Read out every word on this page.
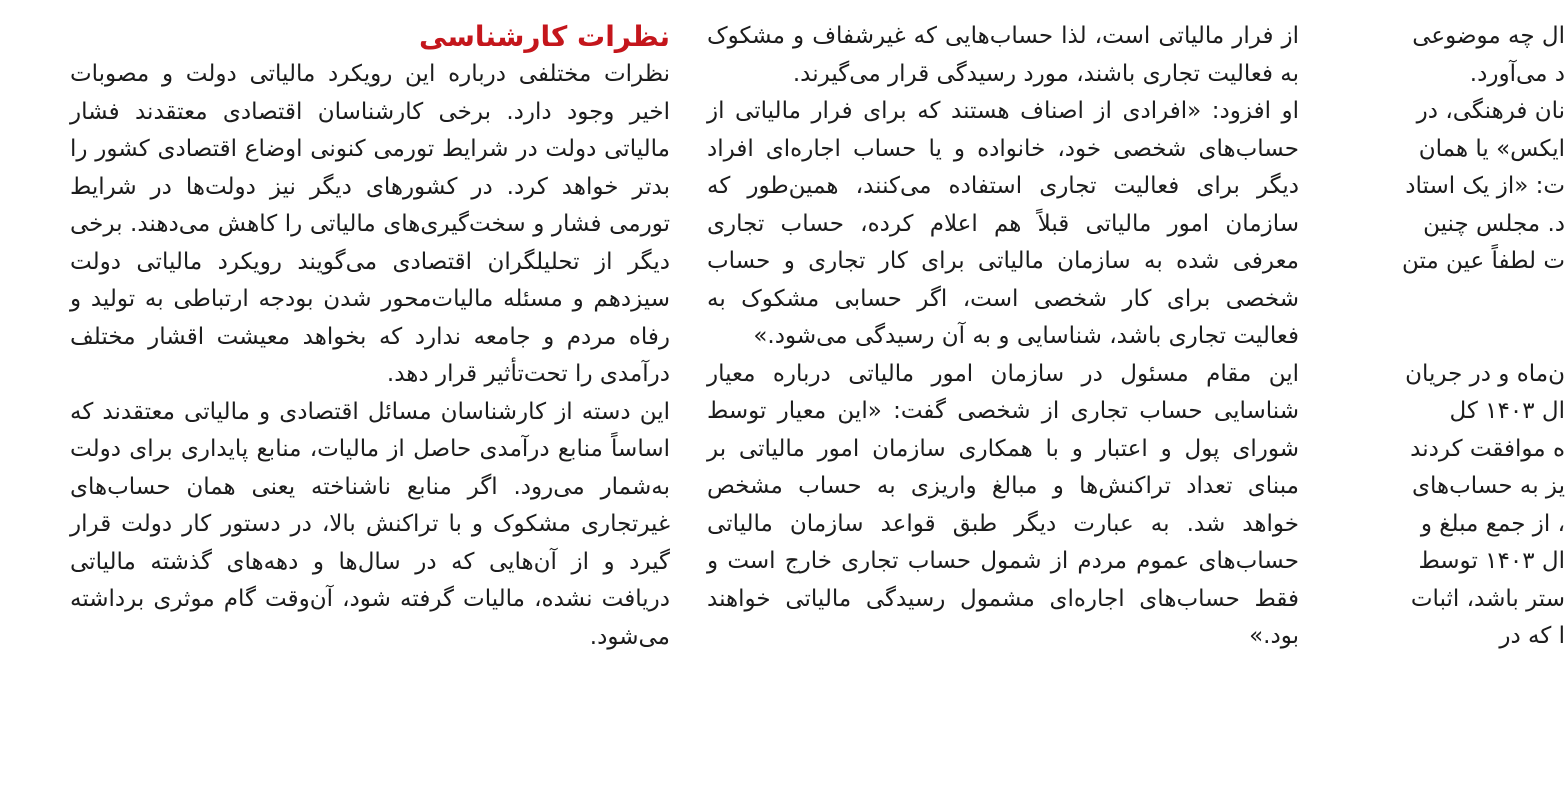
نظرات کارشناسی

نظرات مختلفی درباره این رویکرد مالیاتی دولت و مصوبات اخیر وجود دارد. برخی کارشناسان اقتصادی معتقدند فشار مالیاتی دولت در شرایط تورمی کنونی اوضاع اقتصادی کشور را بدتر خواهد کرد. در کشورهای دیگر نیز دولت‌ها در شرایط تورمی فشار و سخت‌گیری‌های مالیاتی را کاهش می‌دهند. برخی دیگر از تحلیلگران اقتصادی می‌گویند رویکرد مالیاتی دولت سیزدهم و مسئله مالیات‌محور شدن بودجه ارتباطی به تولید و رفاه مردم و جامعه ندارد که بخواهد معیشت اقشار مختلف درآمدی را تحت‌تأثیر قرار دهد.

این دسته از کارشناسان مسائل اقتصادی و مالیاتی معتقدند که اساساً منابع درآمدی حاصل از مالیات، منابع پایداری برای دولت به‌شمار می‌رود. اگر منابع ناشناخته یعنی همان حساب‌های غیرتجاری مشکوک و با تراکنش بالا، در دستور کار دولت قرار گیرد و از آن‌هایی که در سال‌ها و دهه‌های گذشته مالیاتی دریافت نشده، مالیات گرفته شود، آن‌وقت گام موثری برداشته می‌شود.

از فرار مالیاتی است، لذا حساب‌هایی که غیرشفاف و مشکوک به فعالیت تجاری باشند، مورد رسیدگی قرار می‌گیرند.

او افزود: «افرادی از اصناف هستند که برای فرار مالیاتی از حساب‌های شخصی خود، خانواده و یا حساب اجاره‌ای افراد دیگر برای فعالیت تجاری استفاده می‌کنند، همین‌طور که سازمان امور مالیاتی قبلاً هم اعلام کرده، حساب تجاری معرفی شده به سازمان مالیاتی برای کار تجاری و حساب شخصی برای کار شخصی است، اگر حسابی مشکوک به فعالیت تجاری باشد، شناسایی و به آن رسیدگی می‌شود.»

این مقام مسئول در سازمان امور مالیاتی درباره معیار شناسایی حساب تجاری از شخصی گفت: «این معیار توسط شورای پول و اعتبار و با همکاری سازمان امور مالیاتی بر مبنای تعداد تراکنش‌ها و مبالغ واریزی به حساب مشخص خواهد شد. به عبارت دیگر طبق قواعد سازمان مالیاتی حساب‌های عموم مردم از شمول حساب تجاری خارج است و فقط حساب‌های اجاره‌ای مشمول رسیدگی مالیاتی خواهند بود.»

ال چه موضوعی

د می‌آورد.

نان فرهنگی، در

ایکس» یا همان

ت: «از یک استاد

د. مجلس چنین

ت لطفاً عین متن

ن‌ماه و در جریان

ال ۱۴۰۳ کل

ه موافقت کردند

یز به حساب‌های

، از جمع مبلغ و

ال ۱۴۰۳ توسط

ستر باشد، اثبات

ا که در
